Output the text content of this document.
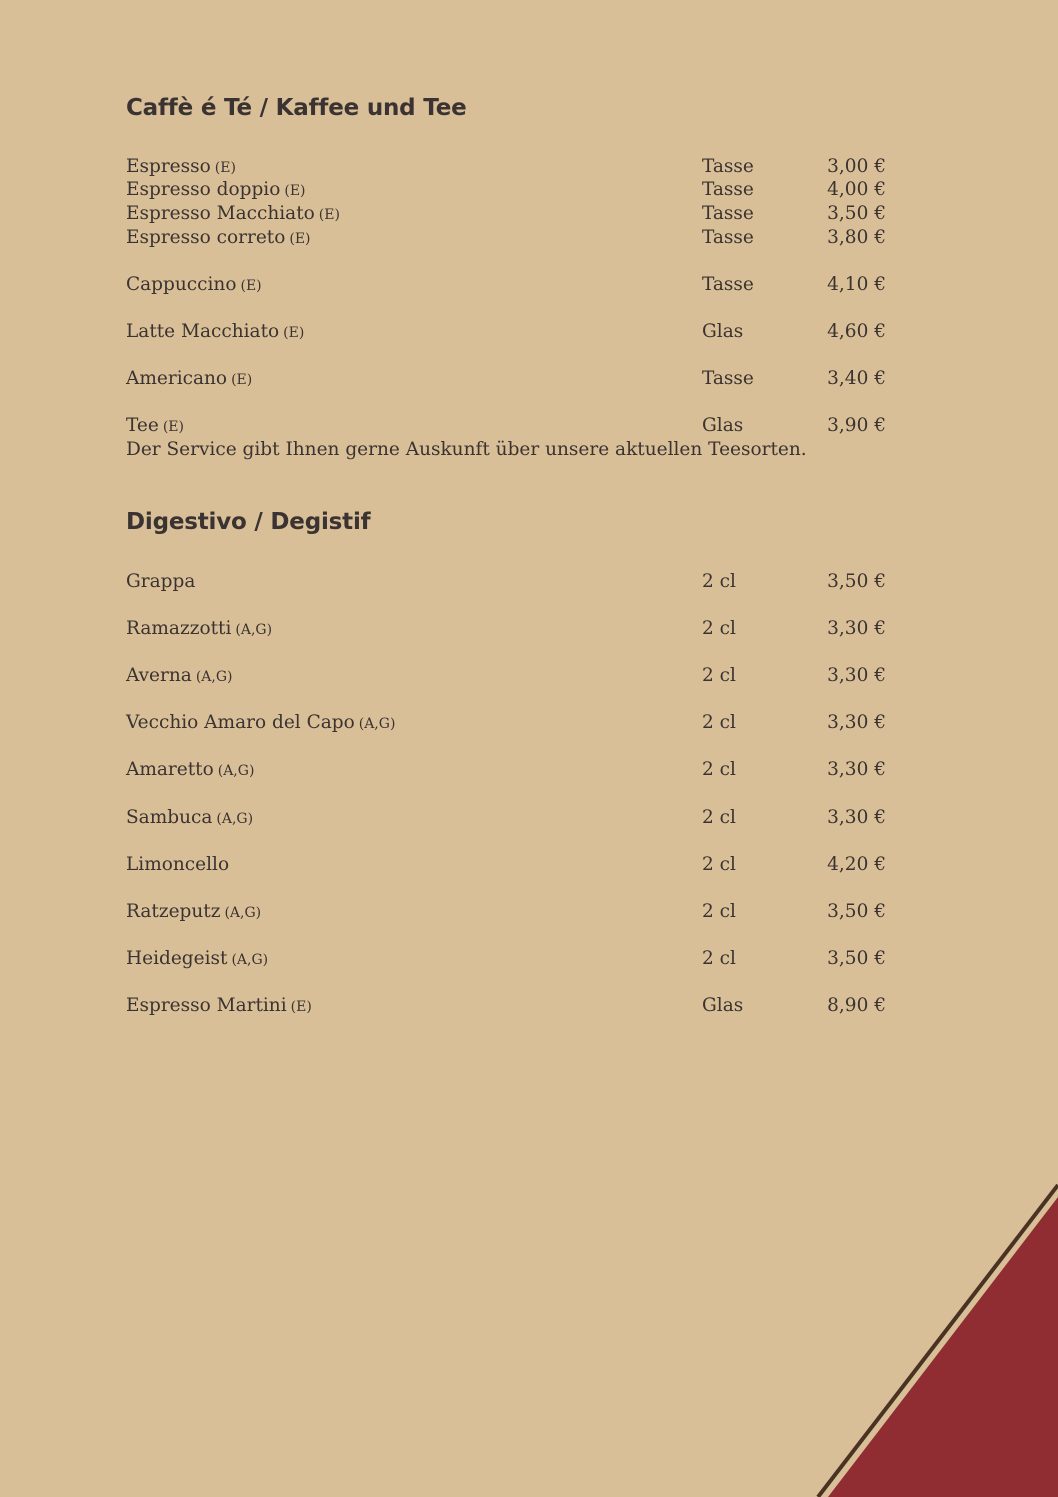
Caffè é Té / Kaffee und Tee
Espresso (E)	Tasse	3,00 €
Espresso doppio (E)	Tasse	4,00 €
Espresso Macchiato (E)	Tasse	3,50 €
Espresso correto (E)	Tasse	3,80 €
Cappuccino (E)	Tasse	4,10 €
Latte Macchiato (E)	Glas	4,60 €
Americano (E)	Tasse	3,40 €
Tee (E)	Glas	3,90 €
Der Service gibt Ihnen gerne Auskunft über unsere aktuellen Teesorten.
Digestivo / Degistif
Grappa	2 cl	3,50 €
Ramazzotti (A,G)	2 cl	3,30 €
Averna (A,G)	2 cl	3,30 €
Vecchio Amaro del Capo (A,G)	2 cl	3,30 €
Amaretto (A,G)	2 cl	3,30 €
Sambuca (A,G)	2 cl	3,30 €
Limoncello	2 cl	4,20 €
Ratzeputz (A,G)	2 cl	3,50 €
Heidegeist (A,G)	2 cl	3,50 €
Espresso Martini (E)	Glas	8,90 €
